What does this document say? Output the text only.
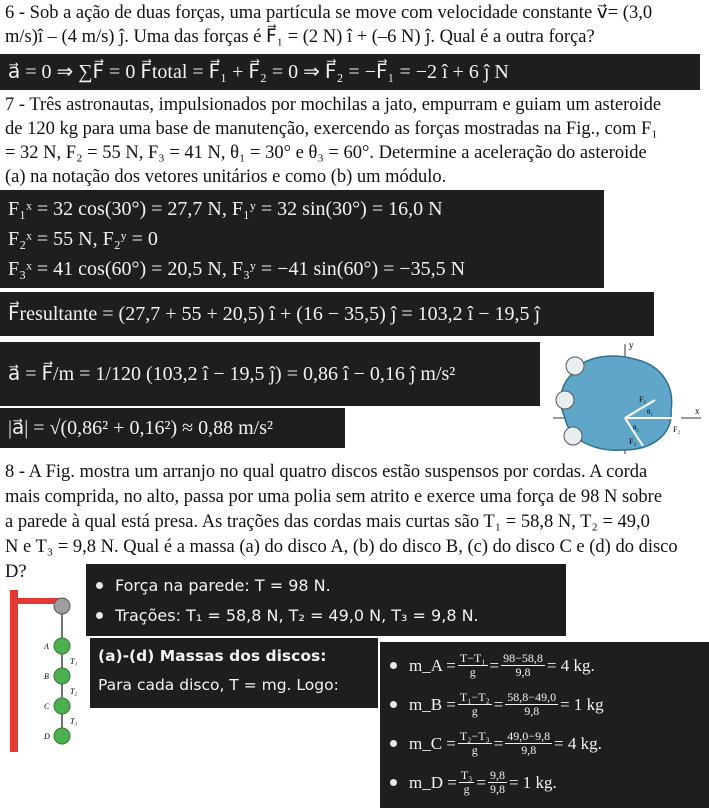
6 - Sob a ação de duas forças, uma partícula se move com velocidade constante v⃗= (3,0
m/s)î – (4 m/s) ĵ. Uma das forças é F⃗₁ = (2 N) î + (–6 N) ĵ. Qual é a outra força?
a⃗ = 0 ⇒ ∑F⃗ = 0 F⃗total = F⃗₁ + F⃗₂ = 0 ⇒ F⃗₂ = −F⃗₁ = −2 î + 6 ĵ N
7 - Três astronautas, impulsionados por mochilas a jato, empurram e guiam um asteroide
de 120 kg para uma base de manutenção, exercendo as forças mostradas na Fig., com F₁
= 32 N, F₂ = 55 N, F₃ = 41 N, θ₁ = 30° e θ₃ = 60°. Determine a aceleração do asteroide
(a) na notação dos vetores unitários e como (b) um módulo.
F₁ˣ = 32 cos(30°) = 27,7 N, F₁ʸ = 32 sin(30°) = 16,0 N
F₂ˣ = 55 N, F₂ʸ = 0
F₃ˣ = 41 cos(60°) = 20,5 N, F₃ʸ = −41 sin(60°) = −35,5 N
F⃗resultante = (27,7 + 55 + 20,5) î + (16 − 35,5) ĵ = 103,2 î − 19,5 ĵ
a⃗ = F⃗/m = 1/120 (103,2 î − 19,5 ĵ) = 0,86 î − 0,16 ĵ m/s²
|a⃗| = √(0,86² + 0,16²) ≈ 0,88 m/s²
y
x
F₁
F₂
F₃
θ₁
θ₃
8 - A Fig. mostra um arranjo no qual quatro discos estão suspensos por cordas. A corda
mais comprida, no alto, passa por uma polia sem atrito e exerce uma força de 98 N sobre
a parede à qual está presa. As trações das cordas mais curtas são T₁ = 58,8 N, T₂ = 49,0
N e T₃ = 9,8 N. Qual é a massa (a) do disco A, (b) do disco B, (c) do disco C e (d) do disco
D?
Força na parede: T = 98 N.
Trações: T₁ = 58,8 N, T₂ = 49,0 N, T₃ = 9,8 N.
(a)-(d) Massas dos discos:
Para cada disco, T = mg. Logo:
m_A = $\frac{\text{T−T₁}}{g} = \frac{98-58,8}{9,8} = 4$ kg.
m_B = $\frac{\text{T₁−T₂}}{g} = \frac{58,8-49,0}{9,8} = 1$ kg
m_C = $\frac{\text{T₂−T₃}}{g} = \frac{49,0-9,8}{9,8} = 4$ kg.
m_D = $\frac{\text{T₃}}{g} = \frac{9,8}{9,8} = 1$ kg.
A
B
C
D
T₁
T₂
T₃
